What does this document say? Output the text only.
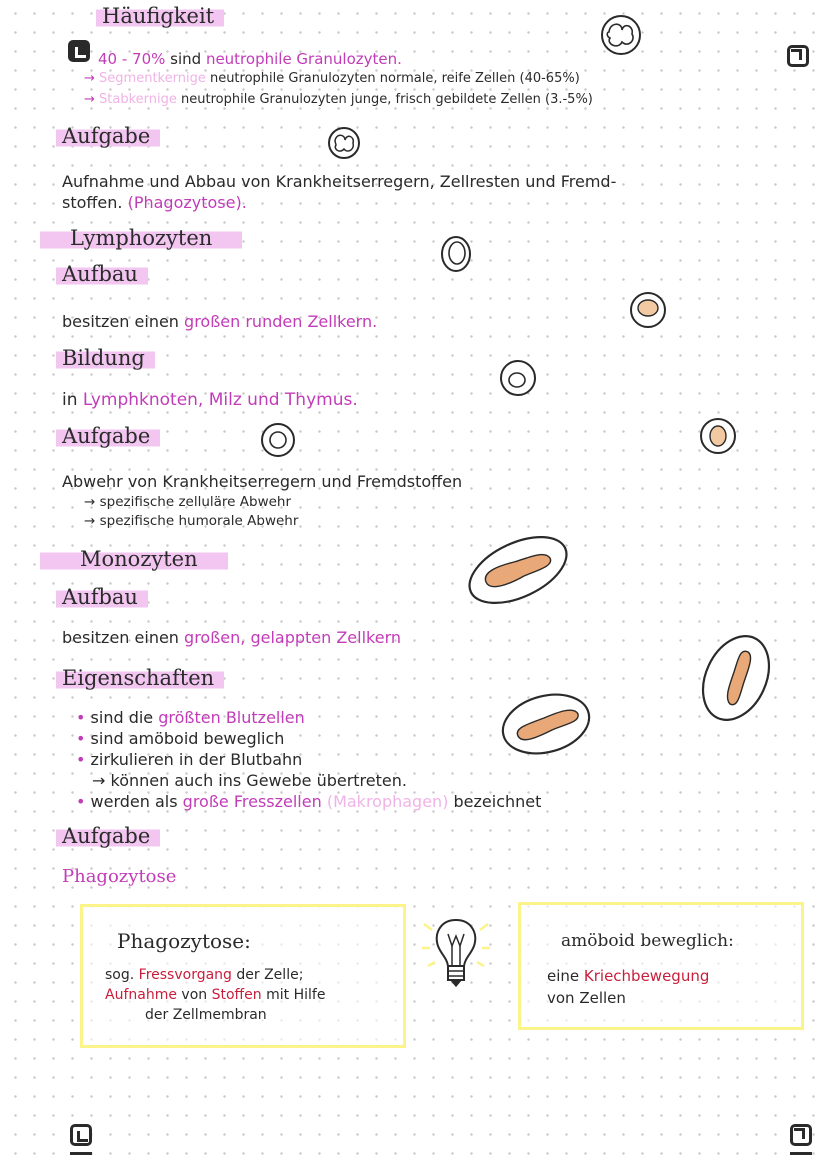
Häufigkeit
40 - 70% sind neutrophile Granulozyten.
→ Segmentkernige neutrophile Granulozyten normale, reife Zellen (40-65%)
→ Stabkernige neutrophile Granulozyten junge, frisch gebildete Zellen (3.-5%)
Aufgabe
Aufnahme und Abbau von Krankheitserregern, Zellresten und Fremd-
stoffen. (Phagozytose).
Lymphozyten
Aufbau
besitzen einen großen runden Zellkern.
Bildung
in Lymphknoten, Milz und Thymus.
Aufgabe
Abwehr von Krankheitserregern und Fremdstoffen
→ spezifische zelluläre Abwehr
→ spezifische humorale Abwehr
Monozyten
Aufbau
besitzen einen großen, gelappten Zellkern
Eigenschaften
• sind die größten Blutzellen
• sind amöboid beweglich
• zirkulieren in der Blutbahn
→ können auch ins Gewebe übertreten.
• werden als große Fresszellen (Makrophagen) bezeichnet
Aufgabe
Phagozytose
Phagozytose:
sog. Fressvorgang der Zelle;
Aufnahme von Stoffen mit Hilfe
der Zellmembran
amöboid beweglich:
eine Kriechbewegung
von Zellen
